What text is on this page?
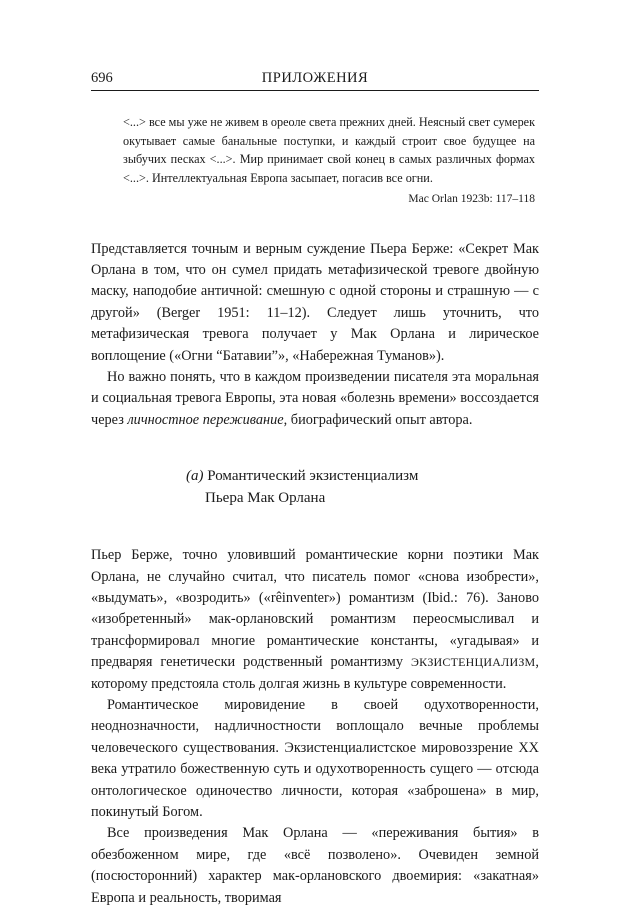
696	ПРИЛОЖЕНИЯ
<...> все мы уже не живем в ореоле света прежних дней. Неясный свет сумерек окутывает самые банальные поступки, и каждый строит свое будущее на зыбучих песках <...>. Мир принимает свой конец в самых различных формах <...>. Интеллектуальная Европа засыпает, погасив все огни.
Mac Orlan 1923b: 117–118

Представляется точным и верным суждение Пьера Берже: «Секрет Мак Орлана в том, что он сумел придать метафизической тревоге двойную маску, наподобие античной: смешную с одной стороны и страшную — с другой» (Berger 1951: 11–12). Следует лишь уточнить, что метафизическая тревога получает у Мак Орлана и лирическое воплощение («Огни “Батавии”», «Набережная Туманов»).

Но важно понять, что в каждом произведении писателя эта моральная и социальная тревога Европы, эта новая «болезнь времени» воссоздается через личностное переживание, биографический опыт автора.

(a) Романтический экзистенциализм
Пьера Мак Орлана

Пьер Берже, точно уловивший романтические корни поэтики Мак Орлана, не случайно считал, что писатель помог «снова изобрести», «выдумать», «возродить» («rêinventer») романтизм (Ibid.: 76). Заново «изобретенный» мак-орлановский романтизм переосмысливал и трансформировал многие романтические константы, «угадывая» и предваряя генетически родственный романтизму ЭКЗИСТЕНЦИАЛИЗМ, которому предстояла столь долгая жизнь в культуре современности.

Романтическое мировидение в своей одухотворенности, неоднозначности, надличностности воплощало вечные проблемы человеческого существования. Экзистенциалистское мировоззрение XX века утратило божественную суть и одухотворенность сущего — отсюда онтологическое одиночество личности, которая «заброшена» в мир, покинутый Богом.

Все произведения Мак Орлана — «переживания бытия» в обезбоженном мире, где «всё позволено». Очевиден земной (посюсторонний) характер мак-орлановского двоемирия: «закатная» Европа и реальность, творимая
